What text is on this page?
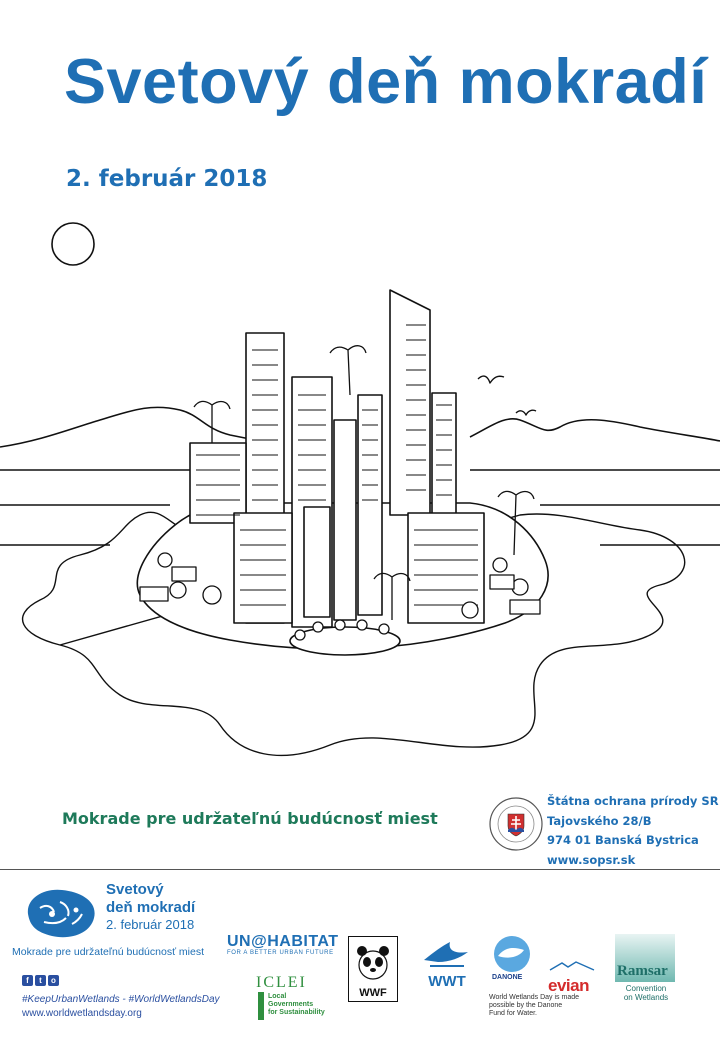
Svetový deň mokradí
2. február 2018
Mokrade pre udržateľnú budúcnosť miest
Štátna ochrana prírody SR
Tajovského 28/B
974 01 Banská Bystrica
www.sopsr.sk
Svetový
deň mokradí
2. február 2018
Mokrade pre udržateľnú budúcnosť miest
f	t	o
#KeepUrbanWetlands - #WorldWetlandsDay
www.worldwetlandsday.org
UN@HABITAT
FOR A BETTER URBAN FUTURE
ICLEI
Local
Governments
for Sustainability
WWF
WWT	DANONE
World Wetlands Day is made possible by the Danone Fund for Water.
evian
Ramsar
Convention
on Wetlands
